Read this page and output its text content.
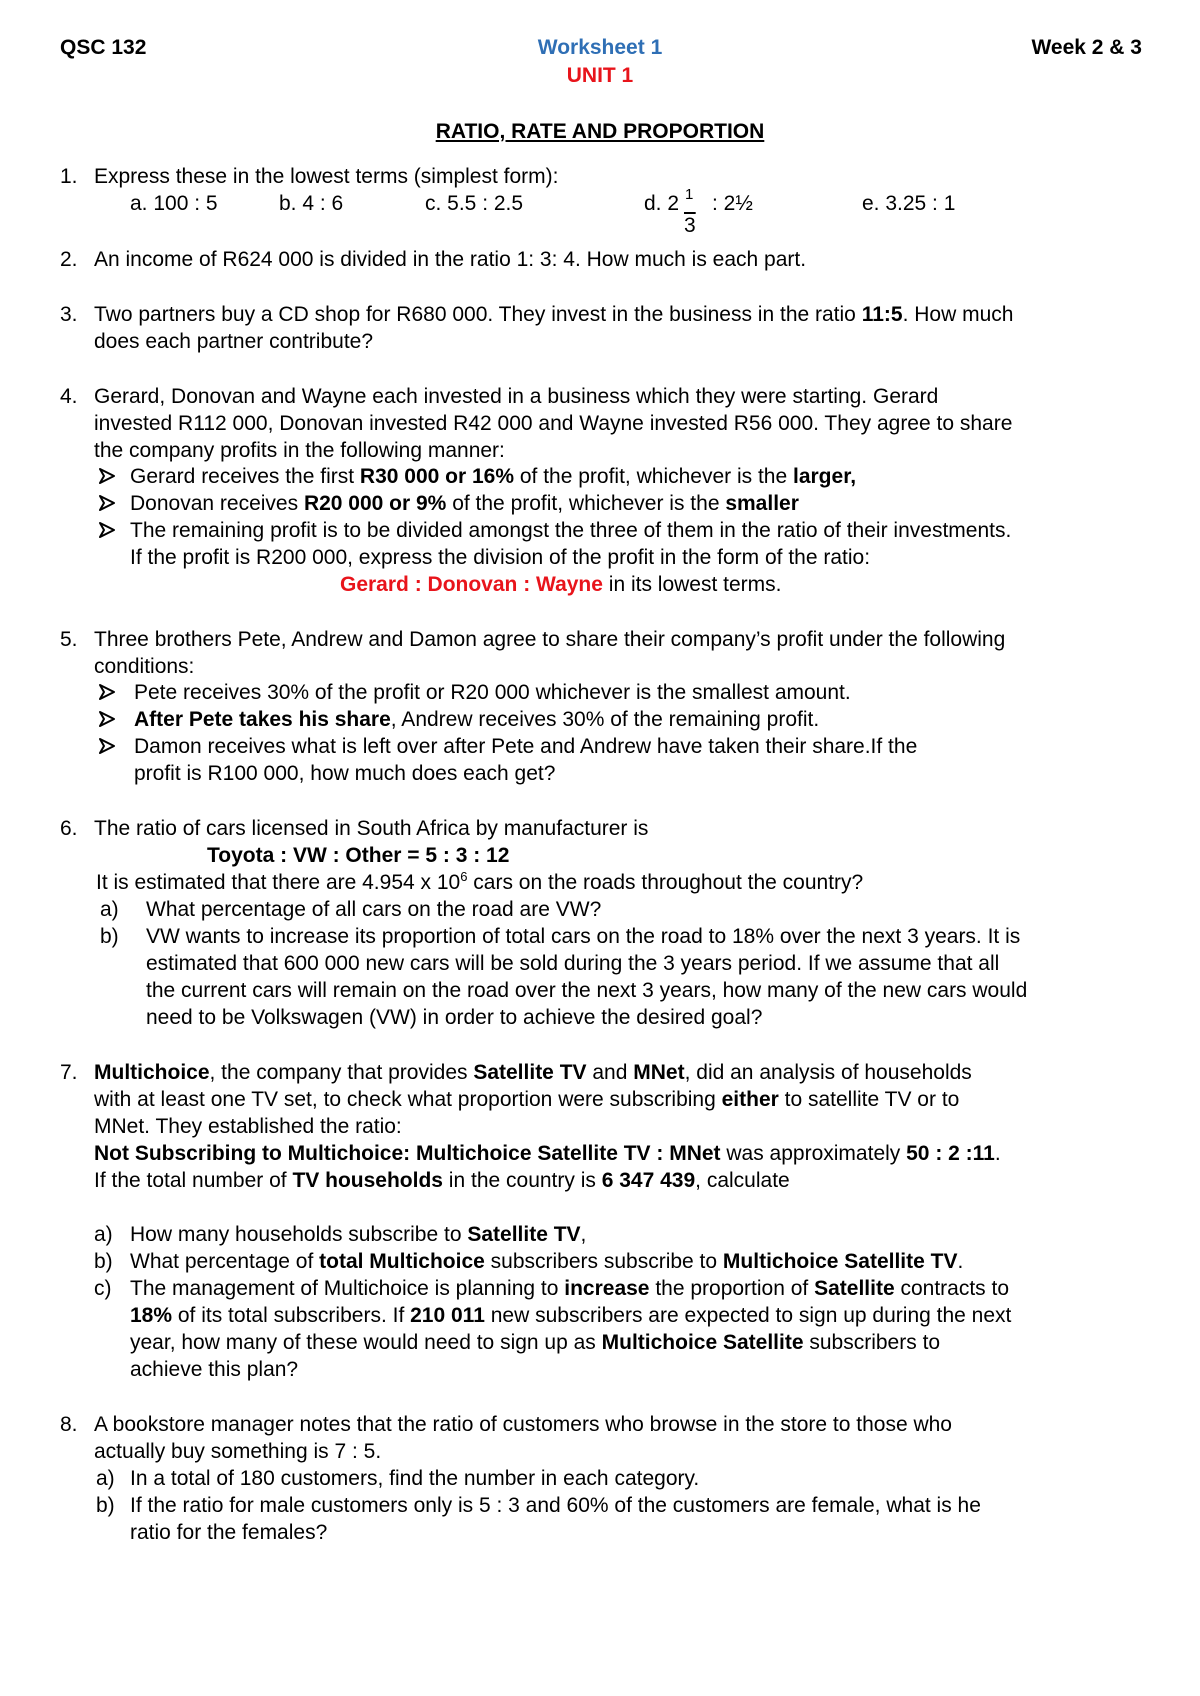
QSC 132	Worksheet 1	Week 2 & 3
UNIT 1
RATIO, RATE AND PROPORTION
1. Express these in the lowest terms (simplest form):
a. 100 : 5	b. 4 : 6	c. 5.5 : 2.5	d. 2 1 : 2½
3
e. 3.25 : 1
2. An income of R624 000 is divided in the ratio 1: 3: 4. How much is each part.
3. Two partners buy a CD shop for R680 000. They invest in the business in the ratio 11:5. How much
does each partner contribute?
4. Gerard, Donovan and Wayne each invested in a business which they were starting. Gerard
invested R112 000, Donovan invested R42 000 and Wayne invested R56 000. They agree to share
the company profits in the following manner:
Gerard receives the first R30 000 or 16% of the profit, whichever is the larger,
Donovan receives R20 000 or 9% of the profit, whichever is the smaller
The remaining profit is to be divided amongst the three of them in the ratio of their investments.
If the profit is R200 000, express the division of the profit in the form of the ratio:
Gerard : Donovan : Wayne in its lowest terms.
5. Three brothers Pete, Andrew and Damon agree to share their company’s profit under the following
conditions:
Pete receives 30% of the profit or R20 000 whichever is the smallest amount.
After Pete takes his share, Andrew receives 30% of the remaining profit.
Damon receives what is left over after Pete and Andrew have taken their share.If the
profit is R100 000, how much does each get?
6. The ratio of cars licensed in South Africa by manufacturer is
Toyota : VW : Other = 5 : 3 : 12
It is estimated that there are 4.954 x $10^6$ cars on the roads throughout the country?
a) What percentage of all cars on the road are VW?
b) VW wants to increase its proportion of total cars on the road to 18% over the next 3 years. It is
estimated that 600 000 new cars will be sold during the 3 years period. If we assume that all
the current cars will remain on the road over the next 3 years, how many of the new cars would
need to be Volkswagen (VW) in order to achieve the desired goal?
7. Multichoice, the company that provides Satellite TV and MNet, did an analysis of households
with at least one TV set, to check what proportion were subscribing either to satellite TV or to
MNet. They established the ratio:
Not Subscribing to Multichoice: Multichoice Satellite TV : MNet was approximately 50 : 2 :11.
If the total number of TV households in the country is 6 347 439, calculate
a) How many households subscribe to Satellite TV,
b) What percentage of total Multichoice subscribers subscribe to Multichoice Satellite TV.
c) The management of Multichoice is planning to increase the proportion of Satellite contracts to
18% of its total subscribers. If 210 011 new subscribers are expected to sign up during the next
year, how many of these would need to sign up as Multichoice Satellite subscribers to
achieve this plan?
8. A bookstore manager notes that the ratio of customers who browse in the store to those who
actually buy something is 7 : 5.
a) In a total of 180 customers, find the number in each category.
b) If the ratio for male customers only is 5 : 3 and 60% of the customers are female, what is he
ratio for the females?
